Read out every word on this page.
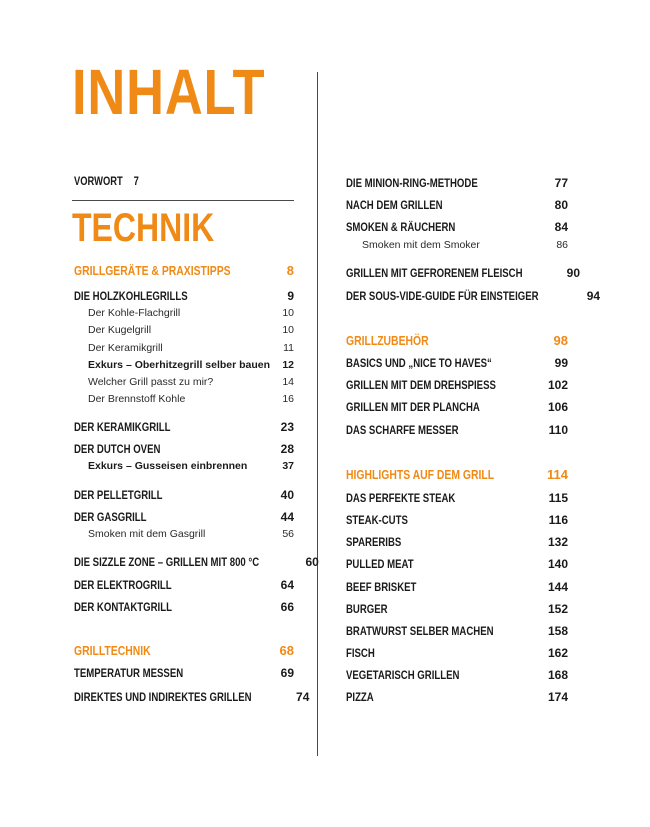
INHALT
VORWORT 7
TECHNIK
GRILLGERÄTE & PRAXISTIPPS	8
DIE HOLZKOHLEGRILLS	9
Der Kohle-Flachgrill	10
Der Kugelgrill	10
Der Keramikgrill	11
Exkurs – Oberhitzegrill selber bauen 12
Welcher Grill passt zu mir?	14
Der Brennstoff Kohle	16
DER KERAMIKGRILL	23
DER DUTCH OVEN	28
Exkurs – Gusseisen einbrennen	37
DER PELLETGRILL	40
DER GASGRILL	44
Smoken mit dem Gasgrill	56
DIE SIZZLE ZONE – GRILLEN MIT 800 °C	60
DER ELEKTROGRILL	64
DER KONTAKTGRILL	66
GRILLTECHNIK	68
TEMPERATUR MESSEN	69
DIREKTES UND INDIREKTES GRILLEN	74
DIE MINION-RING-METHODE	77
NACH DEM GRILLEN	80
SMOKEN & RÄUCHERN	84
Smoken mit dem Smoker	86
GRILLEN MIT GEFRORENEM FLEISCH	90
DER SOUS-VIDE-GUIDE FÜR EINSTEIGER	94
GRILLZUBEHÖR	98
BASICS UND „NICE TO HAVES“	99
GRILLEN MIT DEM DREHSPIESS	102
GRILLEN MIT DER PLANCHA	106
DAS SCHARFE MESSER	110
HIGHLIGHTS AUF DEM GRILL	114
DAS PERFEKTE STEAK	115
STEAK-CUTS	116
SPARERIBS	132
PULLED MEAT	140
BEEF BRISKET	144
BURGER	152
BRATWURST SELBER MACHEN	158
FISCH	162
VEGETARISCH GRILLEN	168
PIZZA	174
